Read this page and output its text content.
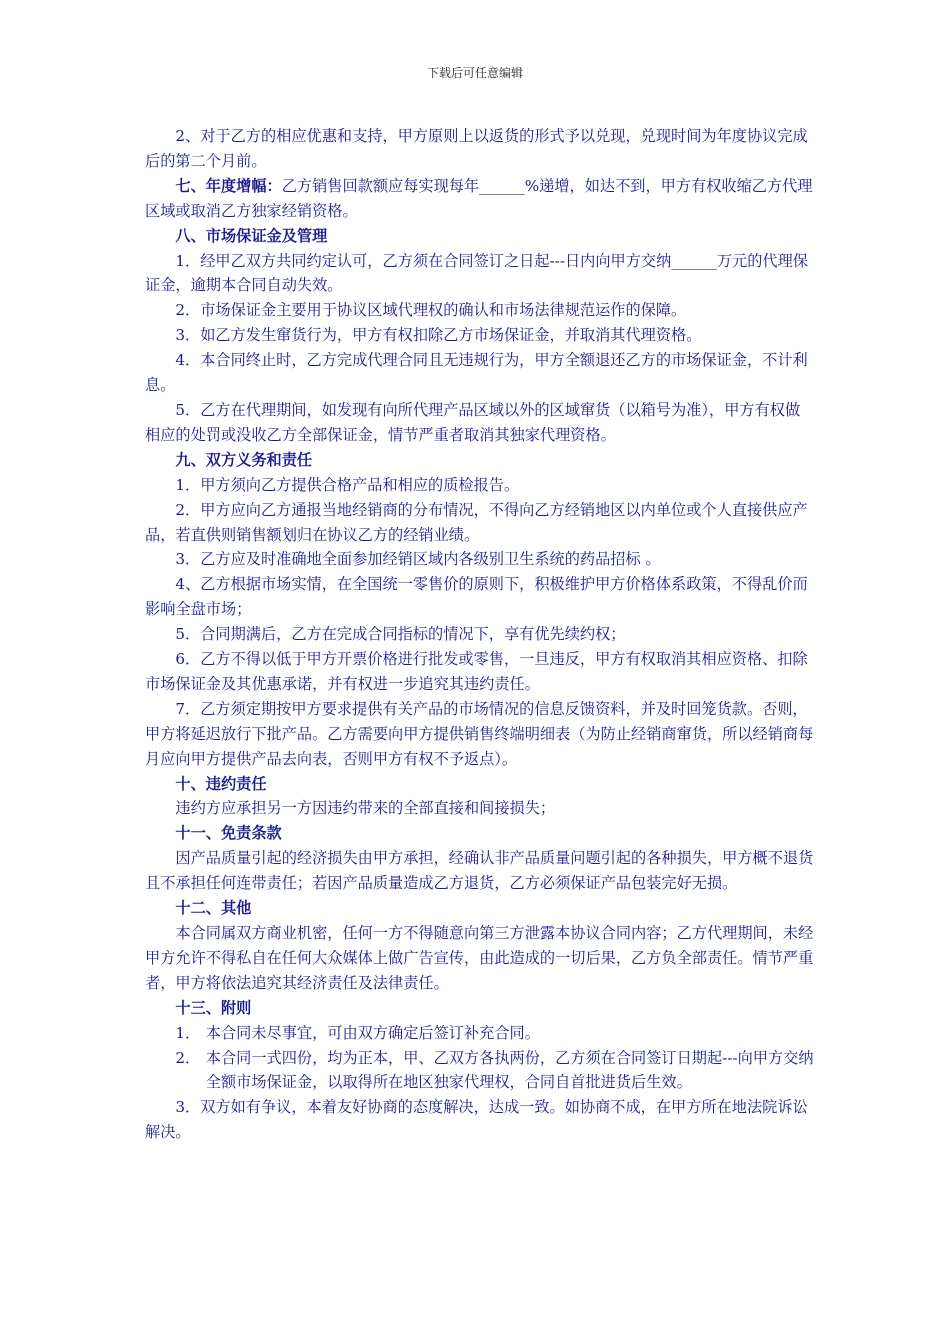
下载后可任意编辑

2、对于乙方的相应优惠和支持，甲方原则上以返货的形式予以兑现，兑现时间为年度协议完成后的第二个月前。

七、年度增幅：乙方销售回款额应每实现每年______%递增，如达不到，甲方有权收缩乙方代理区域或取消乙方独家经销资格。

八、市场保证金及管理

1．经甲乙双方共同约定认可，乙方须在合同签订之日起---日内向甲方交纳______万元的代理保证金，逾期本合同自动失效。

2．市场保证金主要用于协议区域代理权的确认和市场法律规范运作的保障。

3．如乙方发生窜货行为，甲方有权扣除乙方市场保证金，并取消其代理资格。

4．本合同终止时，乙方完成代理合同且无违规行为，甲方全额退还乙方的市场保证金，不计利息。

5．乙方在代理期间，如发现有向所代理产品区域以外的区域窜货（以箱号为准），甲方有权做相应的处罚或没收乙方全部保证金，情节严重者取消其独家代理资格。

九、双方义务和责任

1．甲方须向乙方提供合格产品和相应的质检报告。

2．甲方应向乙方通报当地经销商的分布情况，不得向乙方经销地区以内单位或个人直接供应产品，若直供则销售额划归在协议乙方的经销业绩。

3．乙方应及时准确地全面参加经销区域内各级别卫生系统的药品招标 。

4、乙方根据市场实情，在全国统一零售价的原则下，积极维护甲方价格体系政策，不得乱价而影响全盘市场；

5．合同期满后，乙方在完成合同指标的情况下，享有优先续约权；

6．乙方不得以低于甲方开票价格进行批发或零售，一旦违反，甲方有权取消其相应资格、扣除市场保证金及其优惠承诺，并有权进一步追究其违约责任。

7．乙方须定期按甲方要求提供有关产品的市场情况的信息反馈资料，并及时回笼货款。否则，甲方将延迟放行下批产品。乙方需要向甲方提供销售终端明细表（为防止经销商窜货，所以经销商每月应向甲方提供产品去向表，否则甲方有权不予返点）。

十、违约责任

违约方应承担另一方因违约带来的全部直接和间接损失；

十一、免责条款

因产品质量引起的经济损失由甲方承担，经确认非产品质量问题引起的各种损失，甲方概不退货且不承担任何连带责任；若因产品质量造成乙方退货，乙方必须保证产品包装完好无损。

十二、其他

本合同属双方商业机密，任何一方不得随意向第三方泄露本协议合同内容；乙方代理期间，未经甲方允许不得私自在任何大众媒体上做广告宣传，由此造成的一切后果，乙方负全部责任。情节严重者，甲方将依法追究其经济责任及法律责任。

十三、附则

1． 本合同未尽事宜，可由双方确定后签订补充合同。

2． 本合同一式四份，均为正本，甲、乙双方各执两份，乙方须在合同签订日期起---向甲方交纳全额市场保证金，以取得所在地区独家代理权，合同自首批进货后生效。

3．双方如有争议，本着友好协商的态度解决，达成一致。如协商不成，在甲方所在地法院诉讼解决。
